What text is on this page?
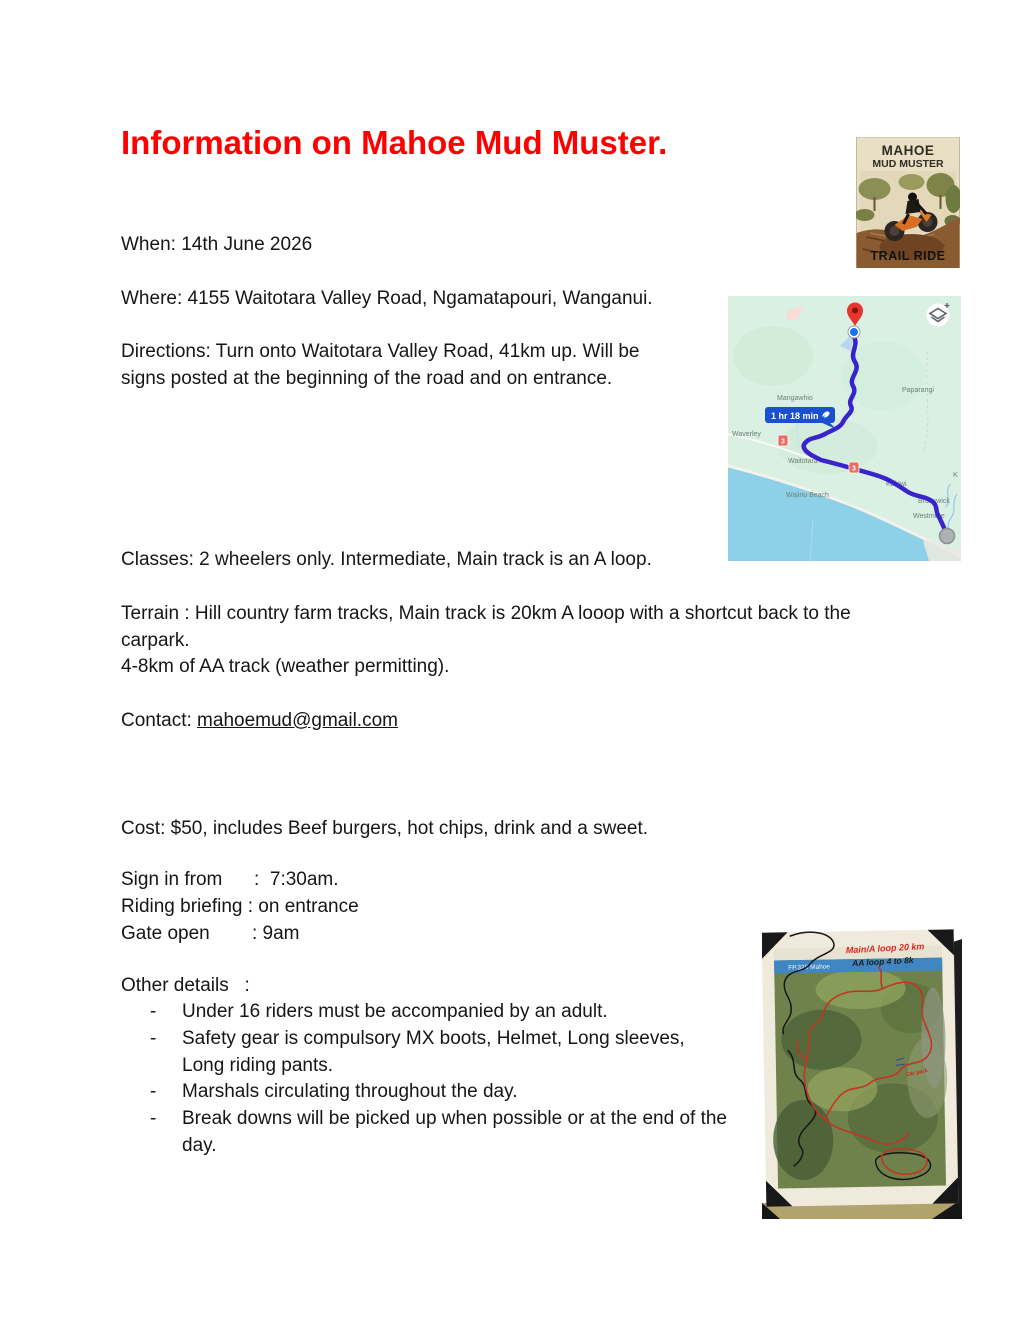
Information on Mahoe Mud Muster.

When: 14th June 2026

Where: 4155 Waitotara Valley Road, Ngamatapouri, Wanganui.

Directions: Turn onto Waitotara Valley Road, 41km up. Will be

signs posted at the beginning of the road and on entrance.

Classes: 2 wheelers only. Intermediate, Main track is an A loop.

Terrain : Hill country farm tracks, Main track is 20km A looop with a shortcut back to the

carpark.

4-8km of AA track (weather permitting).

Contact: mahoemud@gmail.com

Cost: $50, includes Beef burgers, hot chips, drink and a sweet.

Sign in from      :  7:30am.

Riding briefing : on entrance

Gate open        : 9am

Other details   :

-	Under 16 riders must be accompanied by an adult.
-	Safety gear is compulsory MX boots, Helmet, Long sleeves, Long riding pants.
-	Marshals circulating throughout the day.
-	Break downs will be picked up when possible or at the end of the day.
MAHOE
MUD MUSTER
TRAIL RIDE
Mangawhio
Paparangi
Waverley
Waitotara
Waiinu Beach
Kai Iwi
Brunswick
Westmere
K
3
3
1 hr 18 min
FP.326 Mahoe
Main/A loop 20 km
AA loop 4 to 8k
Car park
